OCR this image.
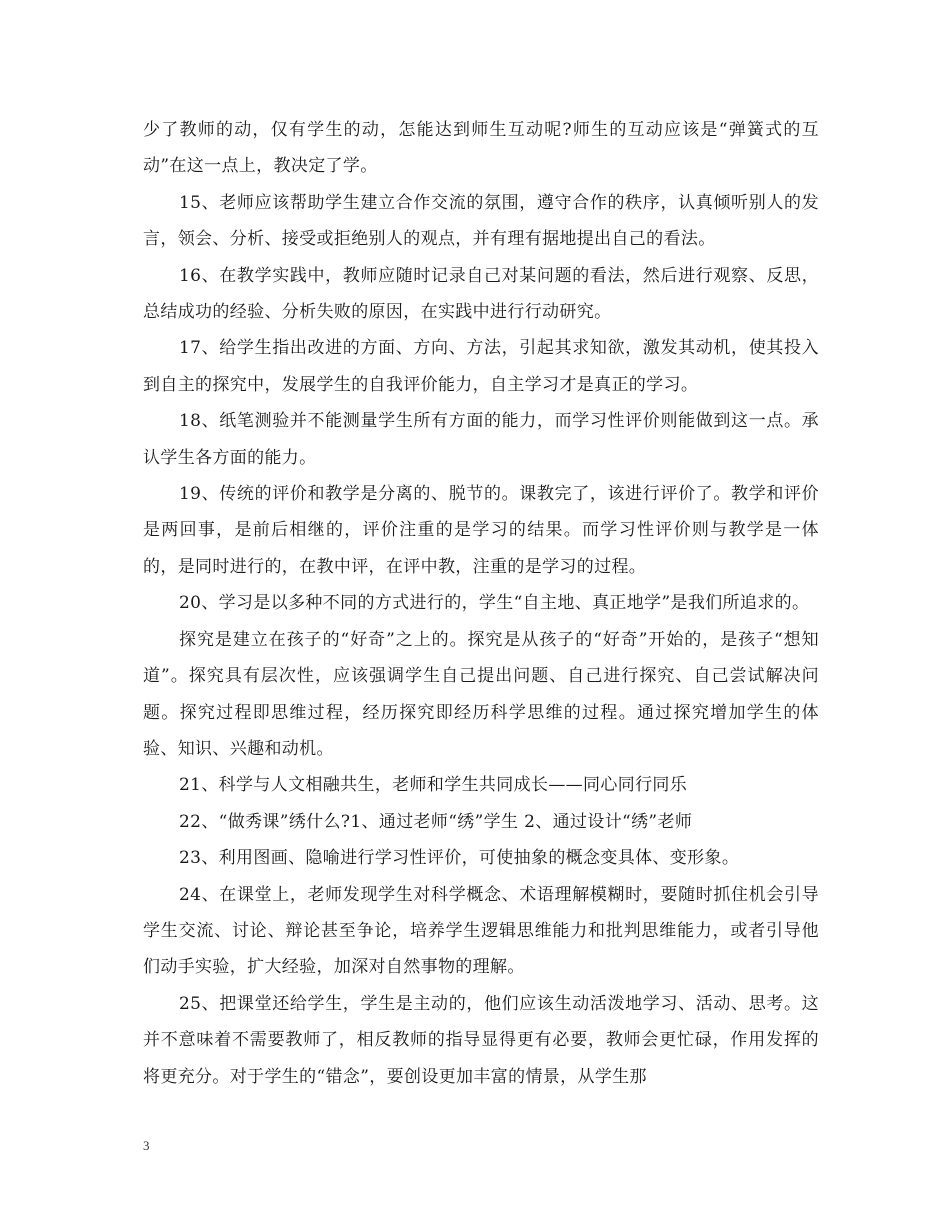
少了教师的动，仅有学生的动，怎能达到师生互动呢?师生的互动应该是“弹簧式的互动”在这一点上，教决定了学。

15、老师应该帮助学生建立合作交流的氛围，遵守合作的秩序，认真倾听别人的发言，领会、分析、接受或拒绝别人的观点，并有理有据地提出自己的看法。

16、在教学实践中，教师应随时记录自己对某问题的看法，然后进行观察、反思，总结成功的经验、分析失败的原因，在实践中进行行动研究。

17、给学生指出改进的方面、方向、方法，引起其求知欲，激发其动机，使其投入到自主的探究中，发展学生的自我评价能力，自主学习才是真正的学习。

18、纸笔测验并不能测量学生所有方面的能力，而学习性评价则能做到这一点。承认学生各方面的能力。

19、传统的评价和教学是分离的、脱节的。课教完了，该进行评价了。教学和评价是两回事，是前后相继的，评价注重的是学习的结果。而学习性评价则与教学是一体的，是同时进行的，在教中评，在评中教，注重的是学习的过程。

20、学习是以多种不同的方式进行的，学生“自主地、真正地学”是我们所追求的。

探究是建立在孩子的“好奇”之上的。探究是从孩子的“好奇”开始的，是孩子“想知道”。探究具有层次性，应该强调学生自己提出问题、自己进行探究、自己尝试解决问题。探究过程即思维过程，经历探究即经历科学思维的过程。通过探究增加学生的体验、知识、兴趣和动机。

21、科学与人文相融共生，老师和学生共同成长——同心同行同乐

22、“做秀课”绣什么?1、通过老师“绣”学生 2、通过设计“绣”老师

23、利用图画、隐喻进行学习性评价，可使抽象的概念变具体、变形象。

24、在课堂上，老师发现学生对科学概念、术语理解模糊时，要随时抓住机会引导学生交流、讨论、辩论甚至争论，培养学生逻辑思维能力和批判思维能力，或者引导他们动手实验，扩大经验，加深对自然事物的理解。

25、把课堂还给学生，学生是主动的，他们应该生动活泼地学习、活动、思考。这并不意味着不需要教师了，相反教师的指导显得更有必要，教师会更忙碌，作用发挥的将更充分。对于学生的“错念”，要创设更加丰富的情景，从学生那

3
